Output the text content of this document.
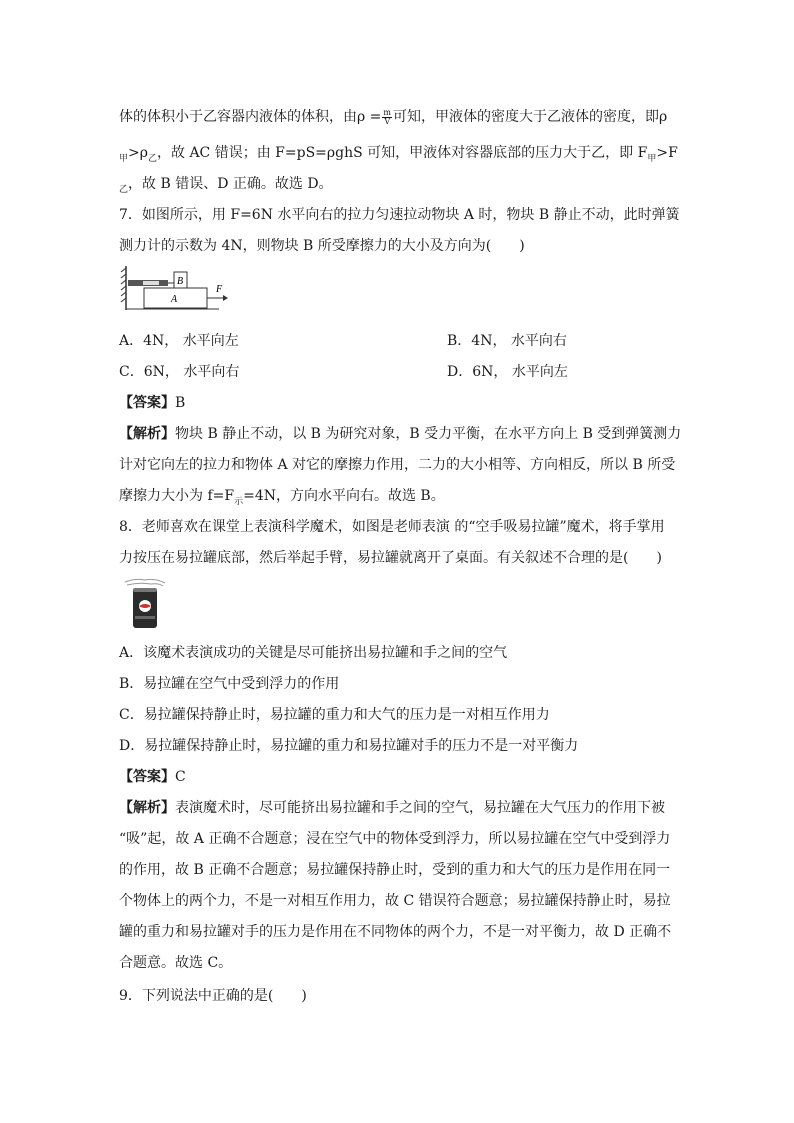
体的体积小于乙容器内液体的体积，由$\rho = \frac{m}{V}$ 可知，甲液体的密度大于乙液体的密度，即ρ
$_甲>\rho_乙$，故 AC 错误；由 F=pS=ρghS 可知，甲液体对容器底部的压力大于乙，即 $F_甲>F$
$_乙$，故 B 错误、D 正确。故选 D。
7．如图所示，用 F=6N 水平向右的拉力匀速拉动物块 A 时，物块 B 静止不动，此时弹簧
测力计的示数为 4N，则物块 B 所受摩擦力的大小及方向为(　　)
B
A
F
A．4N， 水平向左	B．4N， 水平向右
C．6N， 水平向右	D．6N， 水平向左
【答案】B
【解析】物块 B 静止不动，以 B 为研究对象，B 受力平衡，在水平方向上 B 受到弹簧测力
计对它向左的拉力和物体 A 对它的摩擦力作用，二力的大小相等、方向相反，所以 B 所受
摩擦力大小为 $f=F_示=4N$，方向水平向右。故选 B。
8．老师喜欢在课堂上表演科学魔术，如图是老师表演 的“空手吸易拉罐”魔术，将手掌用
力按压在易拉罐底部，然后举起手臂，易拉罐就离开了桌面。有关叙述不合理的是(　　)
A．该魔术表演成功的关键是尽可能挤出易拉罐和手之间的空气
B．易拉罐在空气中受到浮力的作用
C．易拉罐保持静止时，易拉罐的重力和大气的压力是一对相互作用力
D．易拉罐保持静止时，易拉罐的重力和易拉罐对手的压力不是一对平衡力
【答案】C
【解析】表演魔术时，尽可能挤出易拉罐和手之间的空气，易拉罐在大气压力的作用下被
“吸”起，故 A 正确不合题意；浸在空气中的物体受到浮力，所以易拉罐在空气中受到浮力
的作用，故 B 正确不合题意；易拉罐保持静止时，受到的重力和大气的压力是作用在同一
个物体上的两个力，不是一对相互作用力，故 C 错误符合题意；易拉罐保持静止时，易拉
罐的重力和易拉罐对手的压力是作用在不同物体的两个力，不是一对平衡力，故 D 正确不
合题意。故选 C。
9．下列说法中正确的是(　　)
